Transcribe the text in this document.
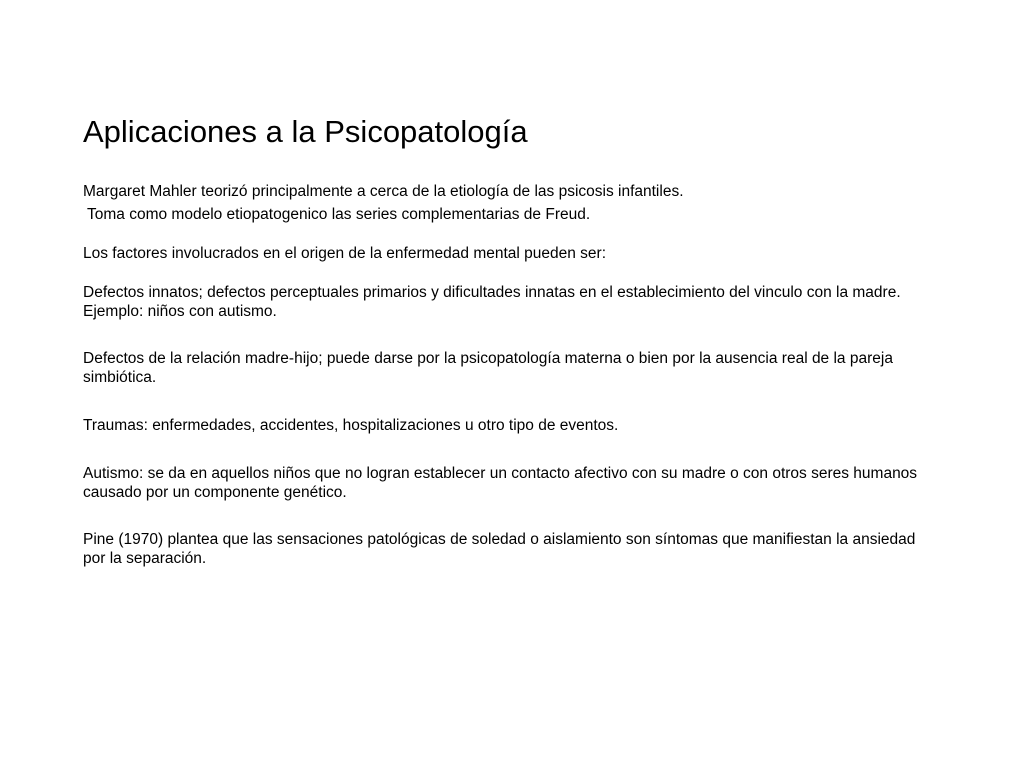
Aplicaciones a la Psicopatología

Margaret Mahler teorizó principalmente a cerca de la etiología de las psicosis infantiles.

Toma como modelo etiopatogenico las series complementarias de Freud.

Los factores involucrados en el origen de la enfermedad mental pueden ser:

Defectos innatos; defectos perceptuales primarios y dificultades innatas en el establecimiento del vinculo con la madre. Ejemplo: niños con autismo.

Defectos de la relación madre-hijo; puede darse por la psicopatología materna o bien por la ausencia real de la pareja simbiótica.

Traumas: enfermedades, accidentes, hospitalizaciones u otro tipo de eventos.

Autismo: se da en aquellos niños que no logran establecer un contacto afectivo con su madre o con otros seres humanos causado por un componente genético.

Pine (1970) plantea que las sensaciones patológicas de soledad o aislamiento son síntomas que manifiestan la ansiedad por la separación.
